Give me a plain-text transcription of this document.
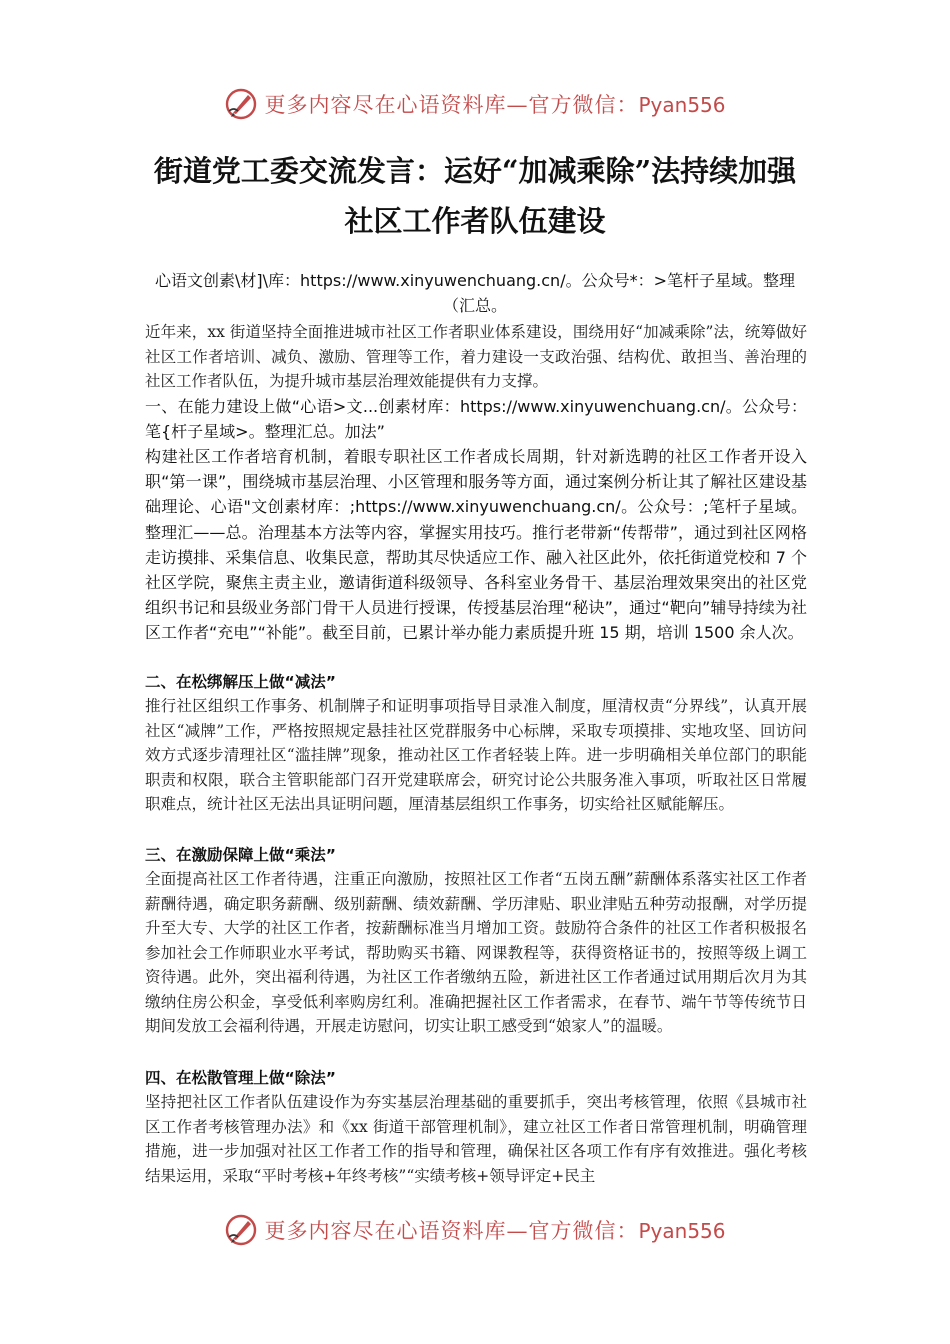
更多内容尽在心语资料库—官方微信：Pyan556
街道党工委交流发言：运好“加减乘除”法持续加强
社区工作者队伍建设

心语文创素\材]\库：https://www.xinyuwenchuang.cn/。公众号*：>笔杆子星域。整理（汇总。

近年来，xx 街道坚持全面推进城市社区工作者职业体系建设，围绕用好“加减乘除”法，统筹做好社区工作者培训、减负、激励、管理等工作，着力建设一支政治强、结构优、敢担当、善治理的社区工作者队伍，为提升城市基层治理效能提供有力支撑。

一、在能力建设上做“心语>文...创素材库：https://www.xinyuwenchuang.cn/。公众号：笔{杆子星域>。整理汇总。加法”

构建社区工作者培育机制，着眼专职社区工作者成长周期，针对新选聘的社区工作者开设入职“第一课”，围绕城市基层治理、小区管理和服务等方面，通过案例分析让其了解社区建设基础理论、心语"文创素材库：;https://www.xinyuwenchuang.cn/。公众号：;笔杆子星域。整理汇——总。治理基本方法等内容，掌握实用技巧。推行老带新“传帮带”，通过到社区网格走访摸排、采集信息、收集民意，帮助其尽快适应工作、融入社区此外，依托街道党校和 7 个社区学院，聚焦主责主业，邀请街道科级领导、各科室业务骨干、基层治理效果突出的社区党组织书记和县级业务部门骨干人员进行授课，传授基层治理“秘诀”，通过“靶向”辅导持续为社区工作者“充电”“补能”。截至目前，已累计举办能力素质提升班 15 期，培训 1500 余人次。

二、在松绑解压上做“减法”

推行社区组织工作事务、机制牌子和证明事项指导目录准入制度，厘清权责“分界线”，认真开展社区“减牌”工作，严格按照规定悬挂社区党群服务中心标牌，采取专项摸排、实地攻坚、回访问效方式逐步清理社区“滥挂牌”现象，推动社区工作者轻装上阵。进一步明确相关单位部门的职能职责和权限，联合主管职能部门召开党建联席会，研究讨论公共服务准入事项，听取社区日常履职难点，统计社区无法出具证明问题，厘清基层组织工作事务，切实给社区赋能解压。

三、在激励保障上做“乘法”

全面提高社区工作者待遇，注重正向激励，按照社区工作者“五岗五酬”薪酬体系落实社区工作者薪酬待遇，确定职务薪酬、级别薪酬、绩效薪酬、学历津贴、职业津贴五种劳动报酬，对学历提升至大专、大学的社区工作者，按薪酬标准当月增加工资。鼓励符合条件的社区工作者积极报名参加社会工作师职业水平考试，帮助购买书籍、网课教程等，获得资格证书的，按照等级上调工资待遇。此外，突出福利待遇，为社区工作者缴纳五险，新进社区工作者通过试用期后次月为其缴纳住房公积金，享受低利率购房红利。准确把握社区工作者需求，在春节、端午节等传统节日期间发放工会福利待遇，开展走访慰问，切实让职工感受到“娘家人”的温暖。

四、在松散管理上做“除法”

坚持把社区工作者队伍建设作为夯实基层治理基础的重要抓手，突出考核管理，依照《县城市社区工作者考核管理办法》和《xx 街道干部管理机制》，建立社区工作者日常管理机制，明确管理措施，进一步加强对社区工作者工作的指导和管理，确保社区各项工作有序有效推进。强化考核结果运用，采取“平时考核+年终考核”“实绩考核+领导评定+民主

更多内容尽在心语资料库—官方微信：Pyan556
